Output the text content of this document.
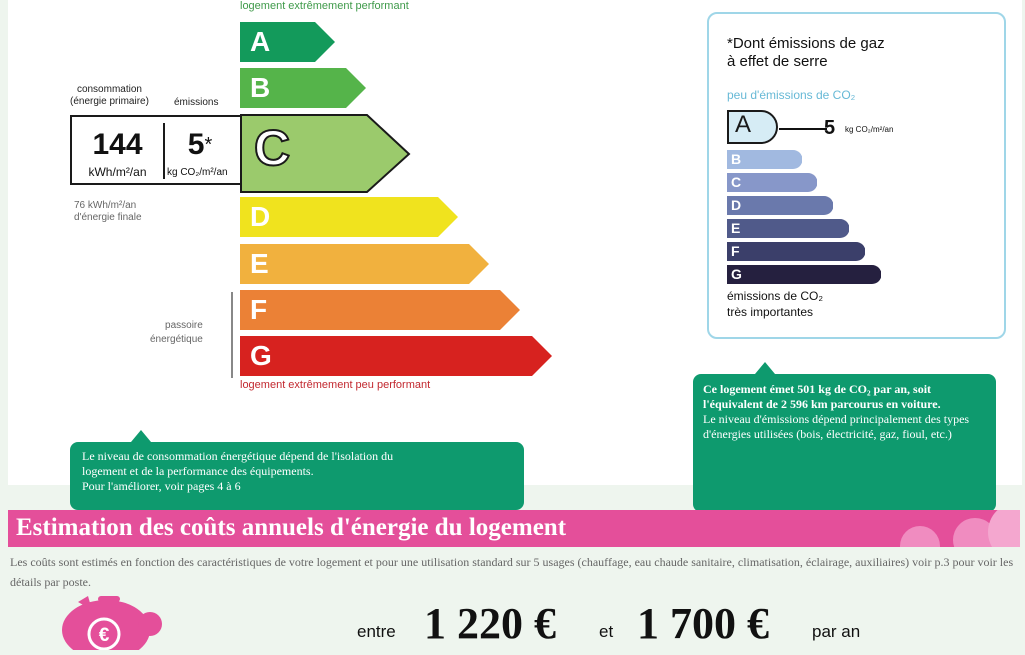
logement extrêmement performant
A
B
C
D
E
F
G
logement extrêmement peu performant
consommation
(énergie primaire)	émissions
144
kWh/m²/an
5*
kg CO₂/m²/an
76 kWh/m²/an
d'énergie finale
passoire
énergétique
*Dont émissions de gaz
à effet de serre
peu d'émissions de CO₂
A	5 kg CO₂/m²/an
B
C
D
E
F
G
émissions de CO₂
très importantes
Le niveau de consommation énergétique dépend de l'isolation du
logement et de la performance des équipements.
Pour l'améliorer, voir pages 4 à 6
Ce logement émet 501 kg de CO₂ par an, soit l'équivalent de 2 596 km parcourus en voiture.
Le niveau d'émissions dépend principalement des types d'énergies utilisées (bois, électricité, gaz, fioul, etc.)
Estimation des coûts annuels d'énergie du logement
Les coûts sont estimés en fonction des caractéristiques de votre logement et pour une utilisation standard sur 5 usages (chauffage, eau chaude sanitaire, climatisation, éclairage, auxiliaires) voir p.3 pour voir les détails par poste.
€	entre 1 220 €	et 1 700 €	par an
